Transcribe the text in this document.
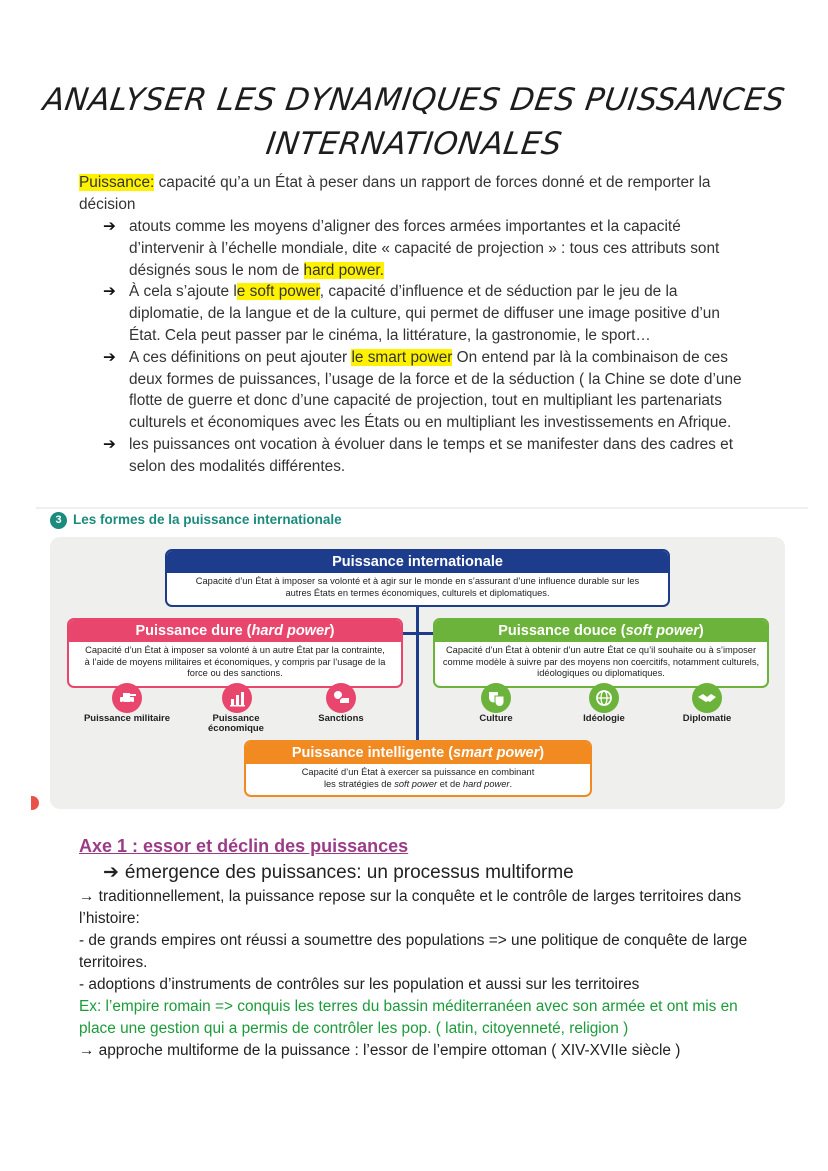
ANALYSER LES DYNAMIQUES DES PUISSANCES
INTERNATIONALES
Puissance: capacité qu’a un État à peser dans un rapport de forces donné et de remporter la décision
➔ atouts comme les moyens d’aligner des forces armées importantes et la capacité d’intervenir à l’échelle mondiale, dite « capacité de projection » : tous ces attributs sont désignés sous le nom de hard power.
➔ À cela s’ajoute le soft power, capacité d’influence et de séduction par le jeu de la diplomatie, de la langue et de la culture, qui permet de diffuser une image positive d’un État. Cela peut passer par le cinéma, la littérature, la gastronomie, le sport…
➔ A ces définitions on peut ajouter le smart power On entend par là la combinaison de ces deux formes de puissances, l’usage de la force et de la séduction ( la Chine se dote d’une flotte de guerre et donc d’une capacité de projection, tout en multipliant les partenariats culturels et économiques avec les États ou en multipliant les investissements en Afrique.
➔ les puissances ont vocation à évoluer dans le temps et se manifester dans des cadres et selon des modalités différentes.
3 Les formes de la puissance internationale
Puissance internationale
Capacité d’un État à imposer sa volonté et à agir sur le monde en s’assurant d’une influence durable sur les autres États en termes économiques, culturels et diplomatiques.
Puissance dure (hard power)
Capacité d’un État à imposer sa volonté à un autre État par la contrainte, à l’aide de moyens militaires et économiques, y compris par l’usage de la force ou des sanctions.
Puissance douce (soft power)
Capacité d’un État à obtenir d’un autre État ce qu’il souhaite ou à s’imposer comme modèle à suivre par des moyens non coercitifs, notamment culturels, idéologiques ou diplomatiques.
Puissance militaire	Puissance économique
Sanctions	Culture	Idéologie	Diplomatie
Puissance intelligente (smart power)
Capacité d’un État à exercer sa puissance en combinant
les stratégies de soft power et de hard power.
Axe 1 : essor et déclin des puissances
➔ émergence des puissances: un processus multiforme
→ traditionnellement, la puissance repose sur la conquête et le contrôle de larges territoires dans l’histoire:
- de grands empires ont réussi a soumettre des populations => une politique de conquête de large territoires.
- adoptions d’instruments de contrôles sur les population et aussi sur les territoires
Ex: l’empire romain => conquis les terres du bassin méditerranéen avec son armée et ont mis en place une gestion qui a permis de contrôler les pop. ( latin, citoyenneté, religion )
→ approche multiforme de la puissance : l’essor de l’empire ottoman ( XIV-XVIIe siècle )
